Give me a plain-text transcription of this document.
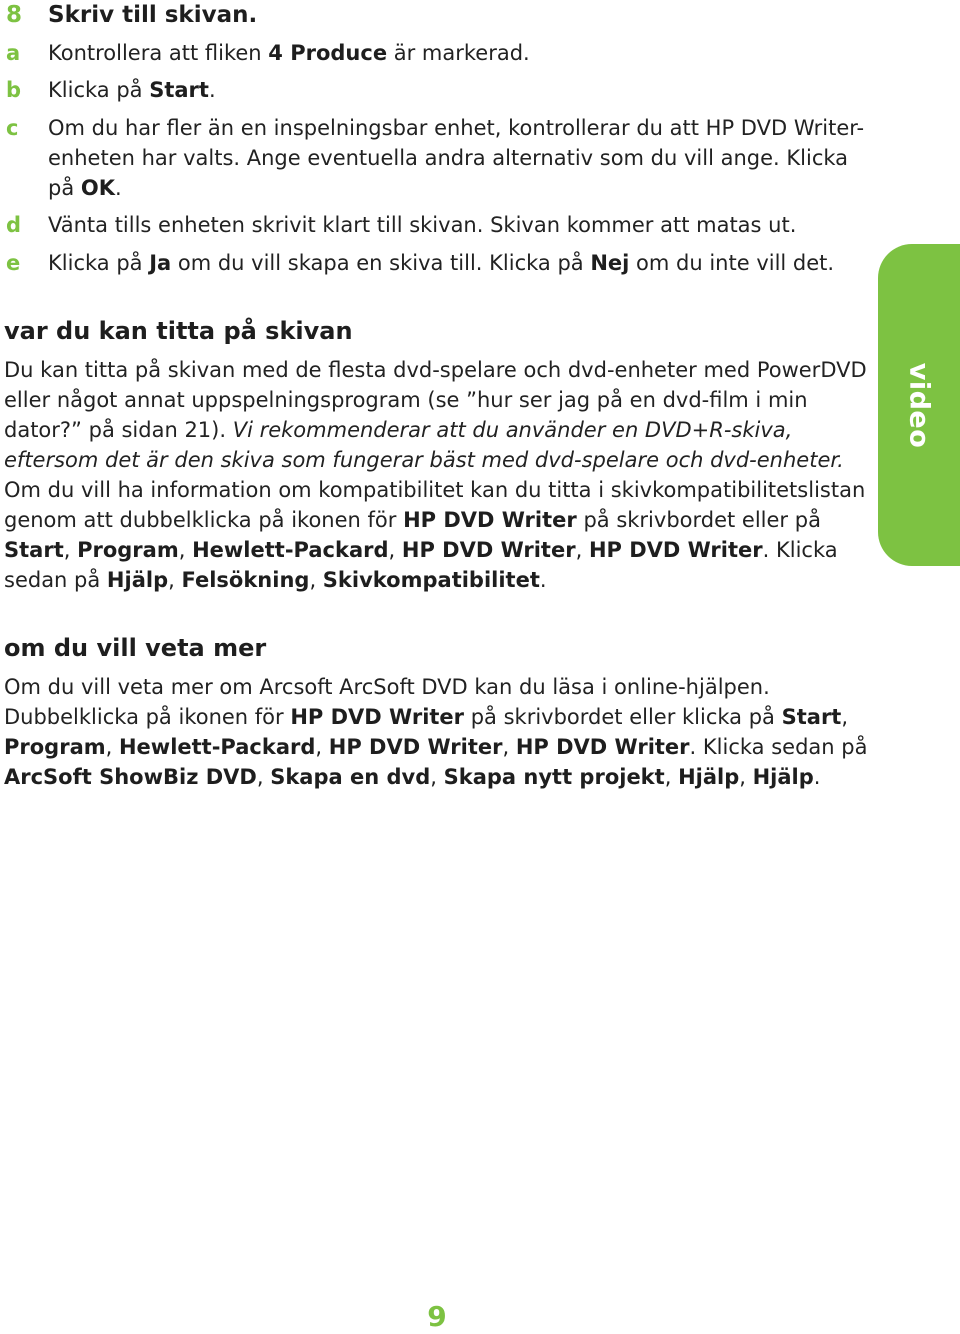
8 Skriv till skivan.
a Kontrollera att fliken 4 Produce är markerad.
b Klicka på Start.
c Om du har fler än en inspelningsbar enhet, kontrollerar du att HP DVD Writer-enheten har valts. Ange eventuella andra alternativ som du vill ange. Klicka på OK.
d Vänta tills enheten skrivit klart till skivan. Skivan kommer att matas ut.
e Klicka på Ja om du vill skapa en skiva till. Klicka på Nej om du inte vill det.
var du kan titta på skivan

Du kan titta på skivan med de flesta dvd-spelare och dvd-enheter med PowerDVD eller något annat uppspelningsprogram (se ”hur ser jag på en dvd-film i min dator?” på sidan 21). Vi rekommenderar att du använder en DVD+R-skiva, eftersom det är den skiva som fungerar bäst med dvd-spelare och dvd-enheter. Om du vill ha information om kompatibilitet kan du titta i skivkompatibilitetslistan genom att dubbelklicka på ikonen för HP DVD Writer på skrivbordet eller på Start, Program, Hewlett-Packard, HP DVD Writer, HP DVD Writer. Klicka sedan på Hjälp, Felsökning, Skivkompatibilitet.

om du vill veta mer

Om du vill veta mer om Arcsoft ArcSoft DVD kan du läsa i online-hjälpen. Dubbelklicka på ikonen för HP DVD Writer på skrivbordet eller klicka på Start, Program, Hewlett-Packard, HP DVD Writer, HP DVD Writer. Klicka sedan på ArcSoft ShowBiz DVD, Skapa en dvd, Skapa nytt projekt, Hjälp, Hjälp.

video
9
